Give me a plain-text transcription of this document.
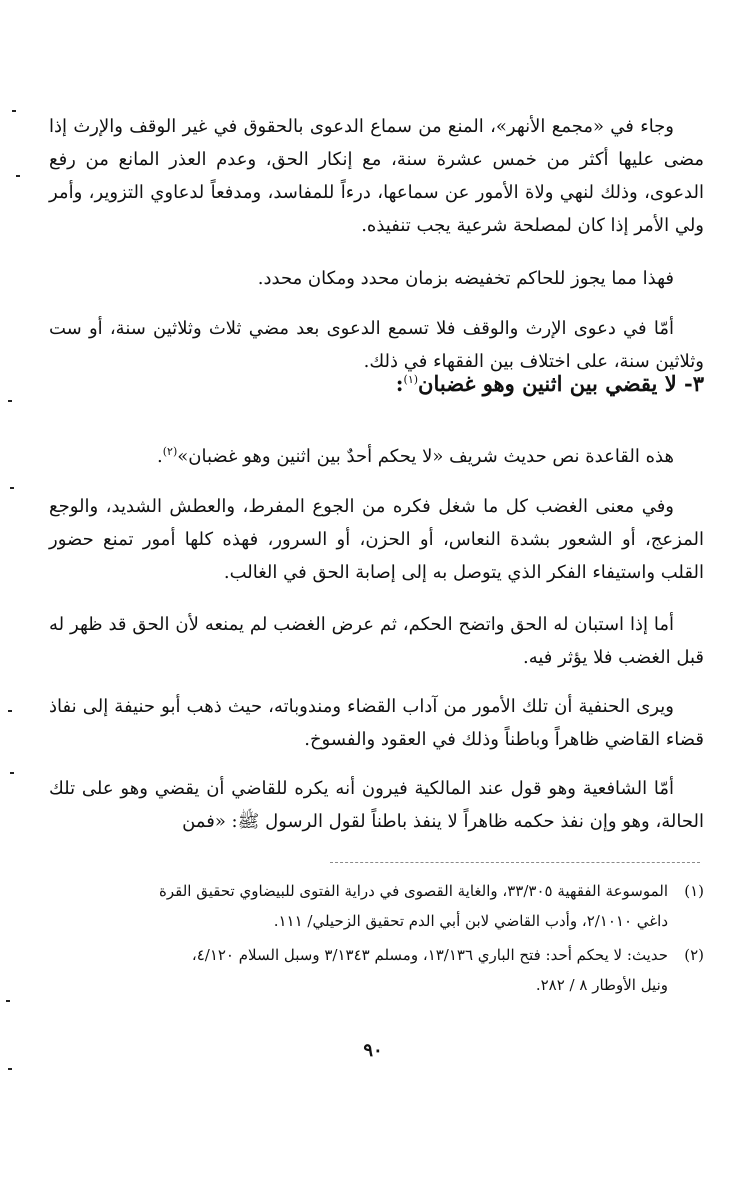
وجاء في «مجمع الأنهر»، المنع من سماع الدعوى بالحقوق في غير الوقف والإرث إذا مضى عليها أكثر من خمس عشرة سنة، مع إنكار الحق، وعدم العذر المانع من رفع الدعوى، وذلك لنهي ولاة الأمور عن سماعها، درءاً للمفاسد، ومدفعاً لدعاوي التزوير، وأمر ولي الأمر إذا كان لمصلحة شرعية يجب تنفيذه.

فهذا مما يجوز للحاكم تخفيضه بزمان محدد ومكان محدد.

أمّا في دعوى الإرث والوقف فلا تسمع الدعوى بعد مضي ثلاث وثلاثين سنة، أو ست وثلاثين سنة، على اختلاف بين الفقهاء في ذلك.

٣- لا يقضي بين اثنين وهو غضبان$^{(١)}$:

هذه القاعدة نص حديث شريف «لا يحكم أحدٌ بين اثنين وهو غضبان»$^{(٢)}$.

وفي معنى الغضب كل ما شغل فكره من الجوع المفرط، والعطش الشديد، والوجع المزعج، أو الشعور بشدة النعاس، أو الحزن، أو السرور، فهذه كلها أمور تمنع حضور القلب واستيفاء الفكر الذي يتوصل به إلى إصابة الحق في الغالب.

أما إذا استبان له الحق واتضح الحكم، ثم عرض الغضب لم يمنعه لأن الحق قد ظهر له قبل الغضب فلا يؤثر فيه.

ويرى الحنفية أن تلك الأمور من آداب القضاء ومندوباته، حيث ذهب أبو حنيفة إلى نفاذ قضاء القاضي ظاهراً وباطناً وذلك في العقود والفسوخ.

أمّا الشافعية وهو قول عند المالكية فيرون أنه يكره للقاضي أن يقضي وهو على تلك الحالة، وهو وإن نفذ حكمه ظاهراً لا ينفذ باطناً لقول الرسول ﷺ: «فمن

(١)الموسوعة الفقهية ٣٣/٣٠٥، والغاية القصوى في دراية الفتوى للبيضاوي تحقيق القرة
داغي ٢/١٠١٠، وأدب القاضي لابن أبي الدم تحقيق الزحيلي/ ١١١.
(٢)حديث: لا يحكم أحد: فتح الباري ١٣/١٣٦، ومسلم ٣/١٣٤٣ وسبل السلام ٤/١٢٠،
ونيل الأوطار ٨ / ٢٨٢.
٩٠
